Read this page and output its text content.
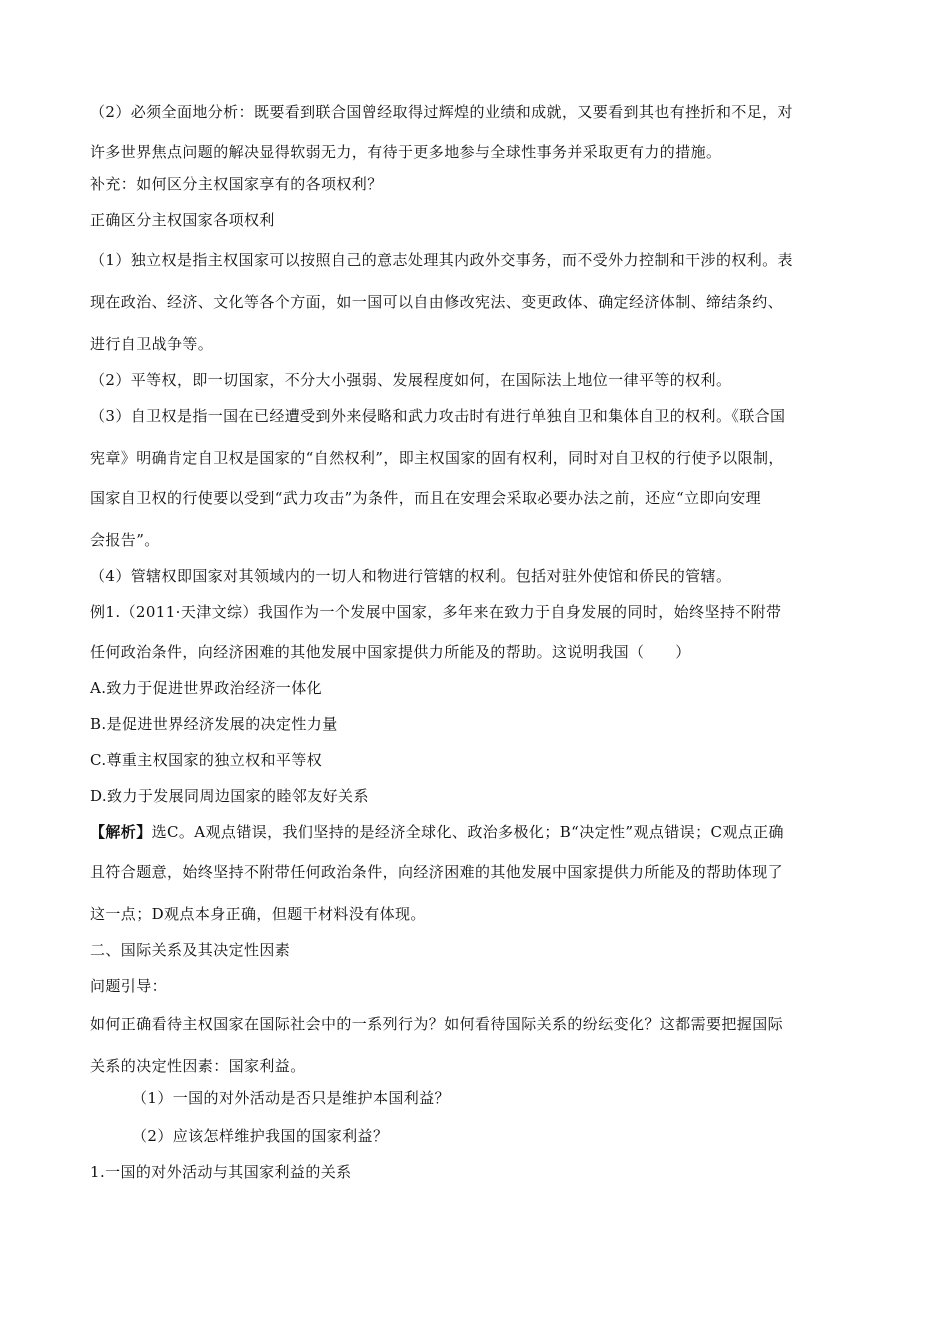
（2）必须全面地分析：既要看到联合国曾经取得过辉煌的业绩和成就，又要看到其也有挫折和不足，对
许多世界焦点问题的解决显得软弱无力，有待于更多地参与全球性事务并采取更有力的措施。
补充：如何区分主权国家享有的各项权利？
正确区分主权国家各项权利
（1）独立权是指主权国家可以按照自己的意志处理其内政外交事务，而不受外力控制和干涉的权利。表
现在政治、经济、文化等各个方面，如一国可以自由修改宪法、变更政体、确定经济体制、缔结条约、
进行自卫战争等。
（2）平等权，即一切国家，不分大小强弱、发展程度如何，在国际法上地位一律平等的权利。
（3）自卫权是指一国在已经遭受到外来侵略和武力攻击时有进行单独自卫和集体自卫的权利。《联合国
宪章》明确肯定自卫权是国家的“自然权利”，即主权国家的固有权利，同时对自卫权的行使予以限制，
国家自卫权的行使要以受到“武力攻击”为条件，而且在安理会采取必要办法之前，还应“立即向安理
会报告”。
（4）管辖权即国家对其领域内的一切人和物进行管辖的权利。包括对驻外使馆和侨民的管辖。
例1.（2011·天津文综）我国作为一个发展中国家，多年来在致力于自身发展的同时，始终坚持不附带
任何政治条件，向经济困难的其他发展中国家提供力所能及的帮助。这说明我国（　　）
A.致力于促进世界政治经济一体化
B.是促进世界经济发展的决定性力量
C.尊重主权国家的独立权和平等权
D.致力于发展同周边国家的睦邻友好关系
【解析】选C。A观点错误，我们坚持的是经济全球化、政治多极化；B“决定性”观点错误；C观点正确
且符合题意，始终坚持不附带任何政治条件，向经济困难的其他发展中国家提供力所能及的帮助体现了
这一点；D观点本身正确，但题干材料没有体现。
二、国际关系及其决定性因素
问题引导：
如何正确看待主权国家在国际社会中的一系列行为？如何看待国际关系的纷纭变化？这都需要把握国际
关系的决定性因素：国家利益。
（1）一国的对外活动是否只是维护本国利益？
（2）应该怎样维护我国的国家利益？
1.一国的对外活动与其国家利益的关系
